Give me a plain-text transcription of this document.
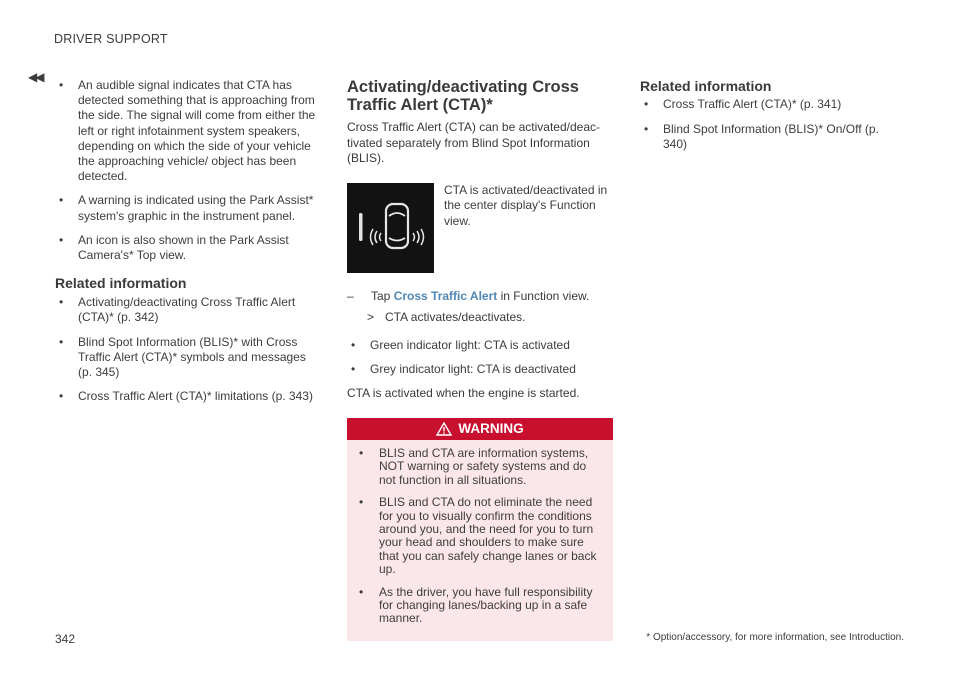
DRIVER SUPPORT
◀◀
• An audible signal indicates that CTA has detected something that is approaching from the side. The signal will come from either the left or right infotainment system speakers, depending on which the side of your vehicle the approaching vehicle/ object has been detected.
• A warning is indicated using the Park Assist* system's graphic in the instrument panel.
• An icon is also shown in the Park Assist Camera's* Top view.
Related information
• Activating/deactivating Cross Traffic Alert (CTA)* (p. 342)
• Blind Spot Information (BLIS)* with Cross Traffic Alert (CTA)* symbols and messages (p. 345)
• Cross Traffic Alert (CTA)* limitations (p. 343)
Activating/deactivating Cross Traffic Alert (CTA)*

Cross Traffic Alert (CTA) can be activated/deac-tivated separately from Blind Spot Information (BLIS).

CTA is activated/deactivated in the center display's Function view.
– Tap Cross Traffic Alert in Function view.
> CTA activates/deactivates.
• Green indicator light: CTA is activated
• Grey indicator light: CTA is deactivated

CTA is activated when the engine is started.

WARNING
• BLIS and CTA are information systems, NOT warning or safety systems and do not function in all situations.
• BLIS and CTA do not eliminate the need for you to visually confirm the conditions around you, and the need for you to turn your head and shoulders to make sure that you can safely change lanes or back up.
• As the driver, you have full responsibility for changing lanes/backing up in a safe manner.
Related information
• Cross Traffic Alert (CTA)* (p. 341)
• Blind Spot Information (BLIS)* On/Off (p. 340)
342	* Option/accessory, for more information, see Introduction.
